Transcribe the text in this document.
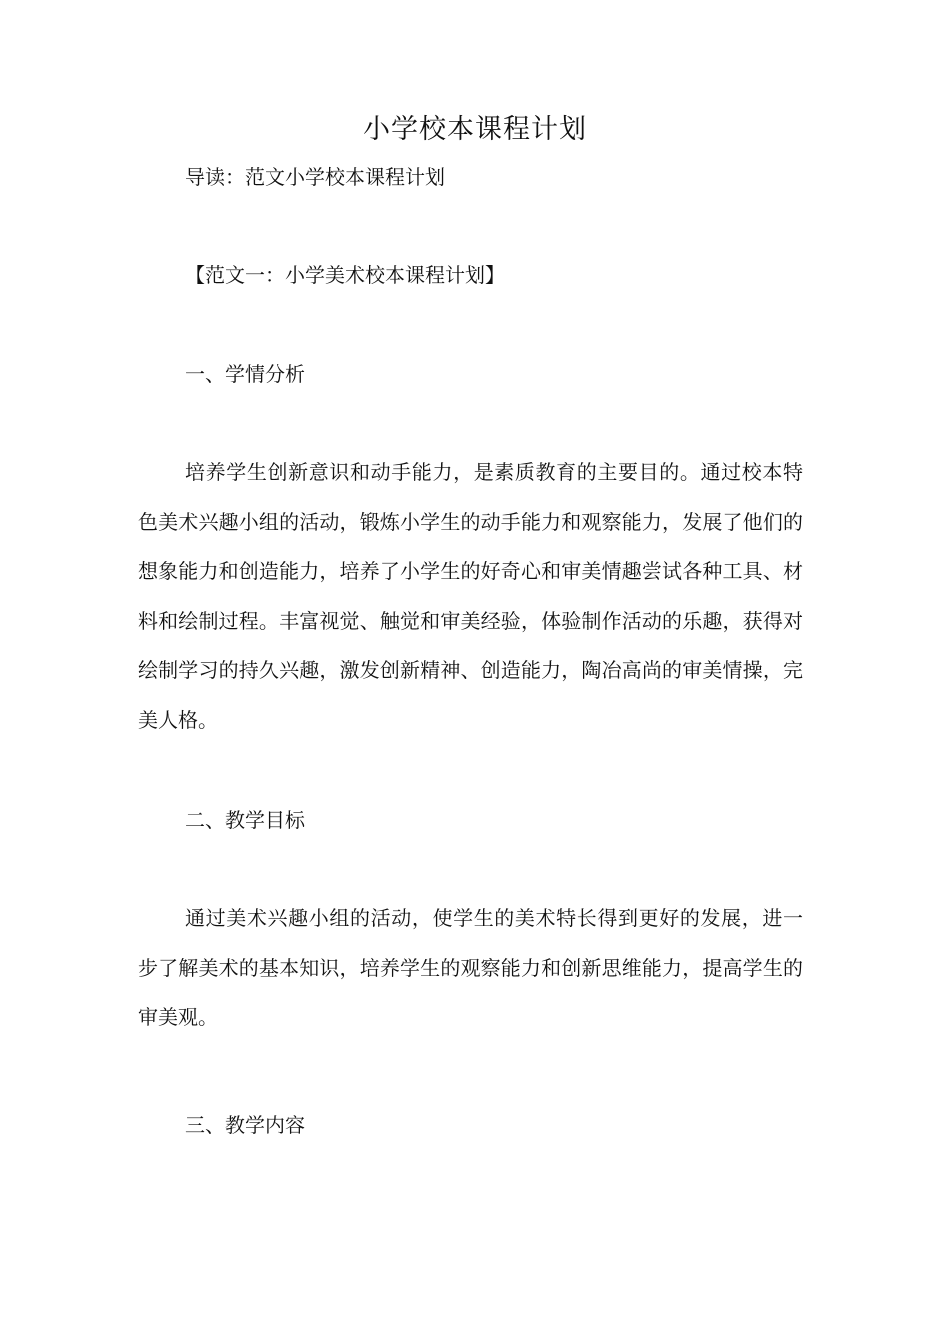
小学校本课程计划
导读：范文小学校本课程计划
【范文一：小学美术校本课程计划】
一、学情分析

培养学生创新意识和动手能力，是素质教育的主要目的。通过校本特色美术兴趣小组的活动，锻炼小学生的动手能力和观察能力，发展了他们的想象能力和创造能力，培养了小学生的好奇心和审美情趣尝试各种工具、材料和绘制过程。丰富视觉、触觉和审美经验，体验制作活动的乐趣，获得对绘制学习的持久兴趣，激发创新精神、创造能力，陶冶高尚的审美情操，完美人格。

二、教学目标

通过美术兴趣小组的活动，使学生的美术特长得到更好的发展，进一步了解美术的基本知识，培养学生的观察能力和创新思维能力，提高学生的审美观。

三、教学内容
